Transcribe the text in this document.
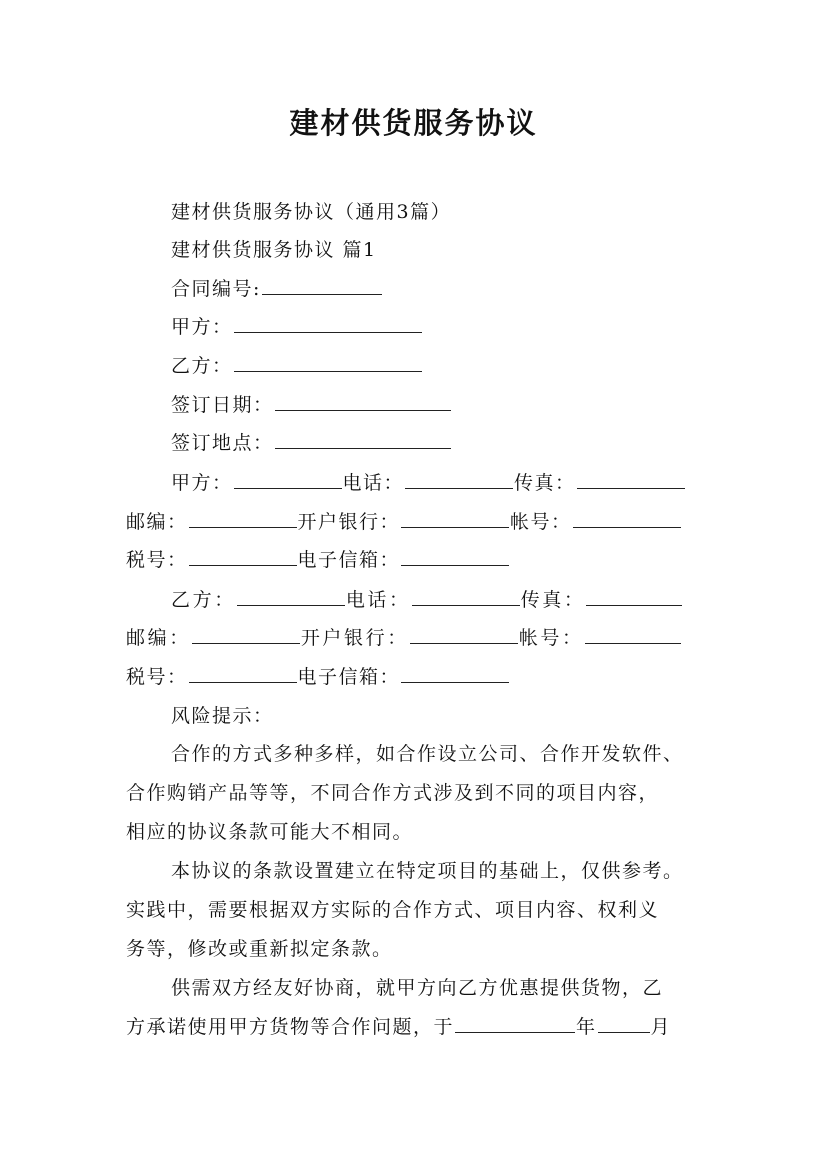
建材供货服务协议
建材供货服务协议（通用3篇）
建材供货服务协议 篇1
合同编号:
甲方：
乙方：
签订日期：
签订地点：
甲方：	电话：	传真：
邮编：	开户银行：	帐号：
税号：	电子信箱：
乙方：	电话：	传真：
邮编：	开户银行：	帐号：
税号：	电子信箱：
风险提示：
合作的方式多种多样，如合作设立公司、合作开发软件、
合作购销产品等等，不同合作方式涉及到不同的项目内容，
相应的协议条款可能大不相同。
本协议的条款设置建立在特定项目的基础上，仅供参考。
实践中，需要根据双方实际的合作方式、项目内容、权利义
务等，修改或重新拟定条款。
供需双方经友好协商，就甲方向乙方优惠提供货物，乙
方承诺使用甲方货物等合作问题，于	年	月
